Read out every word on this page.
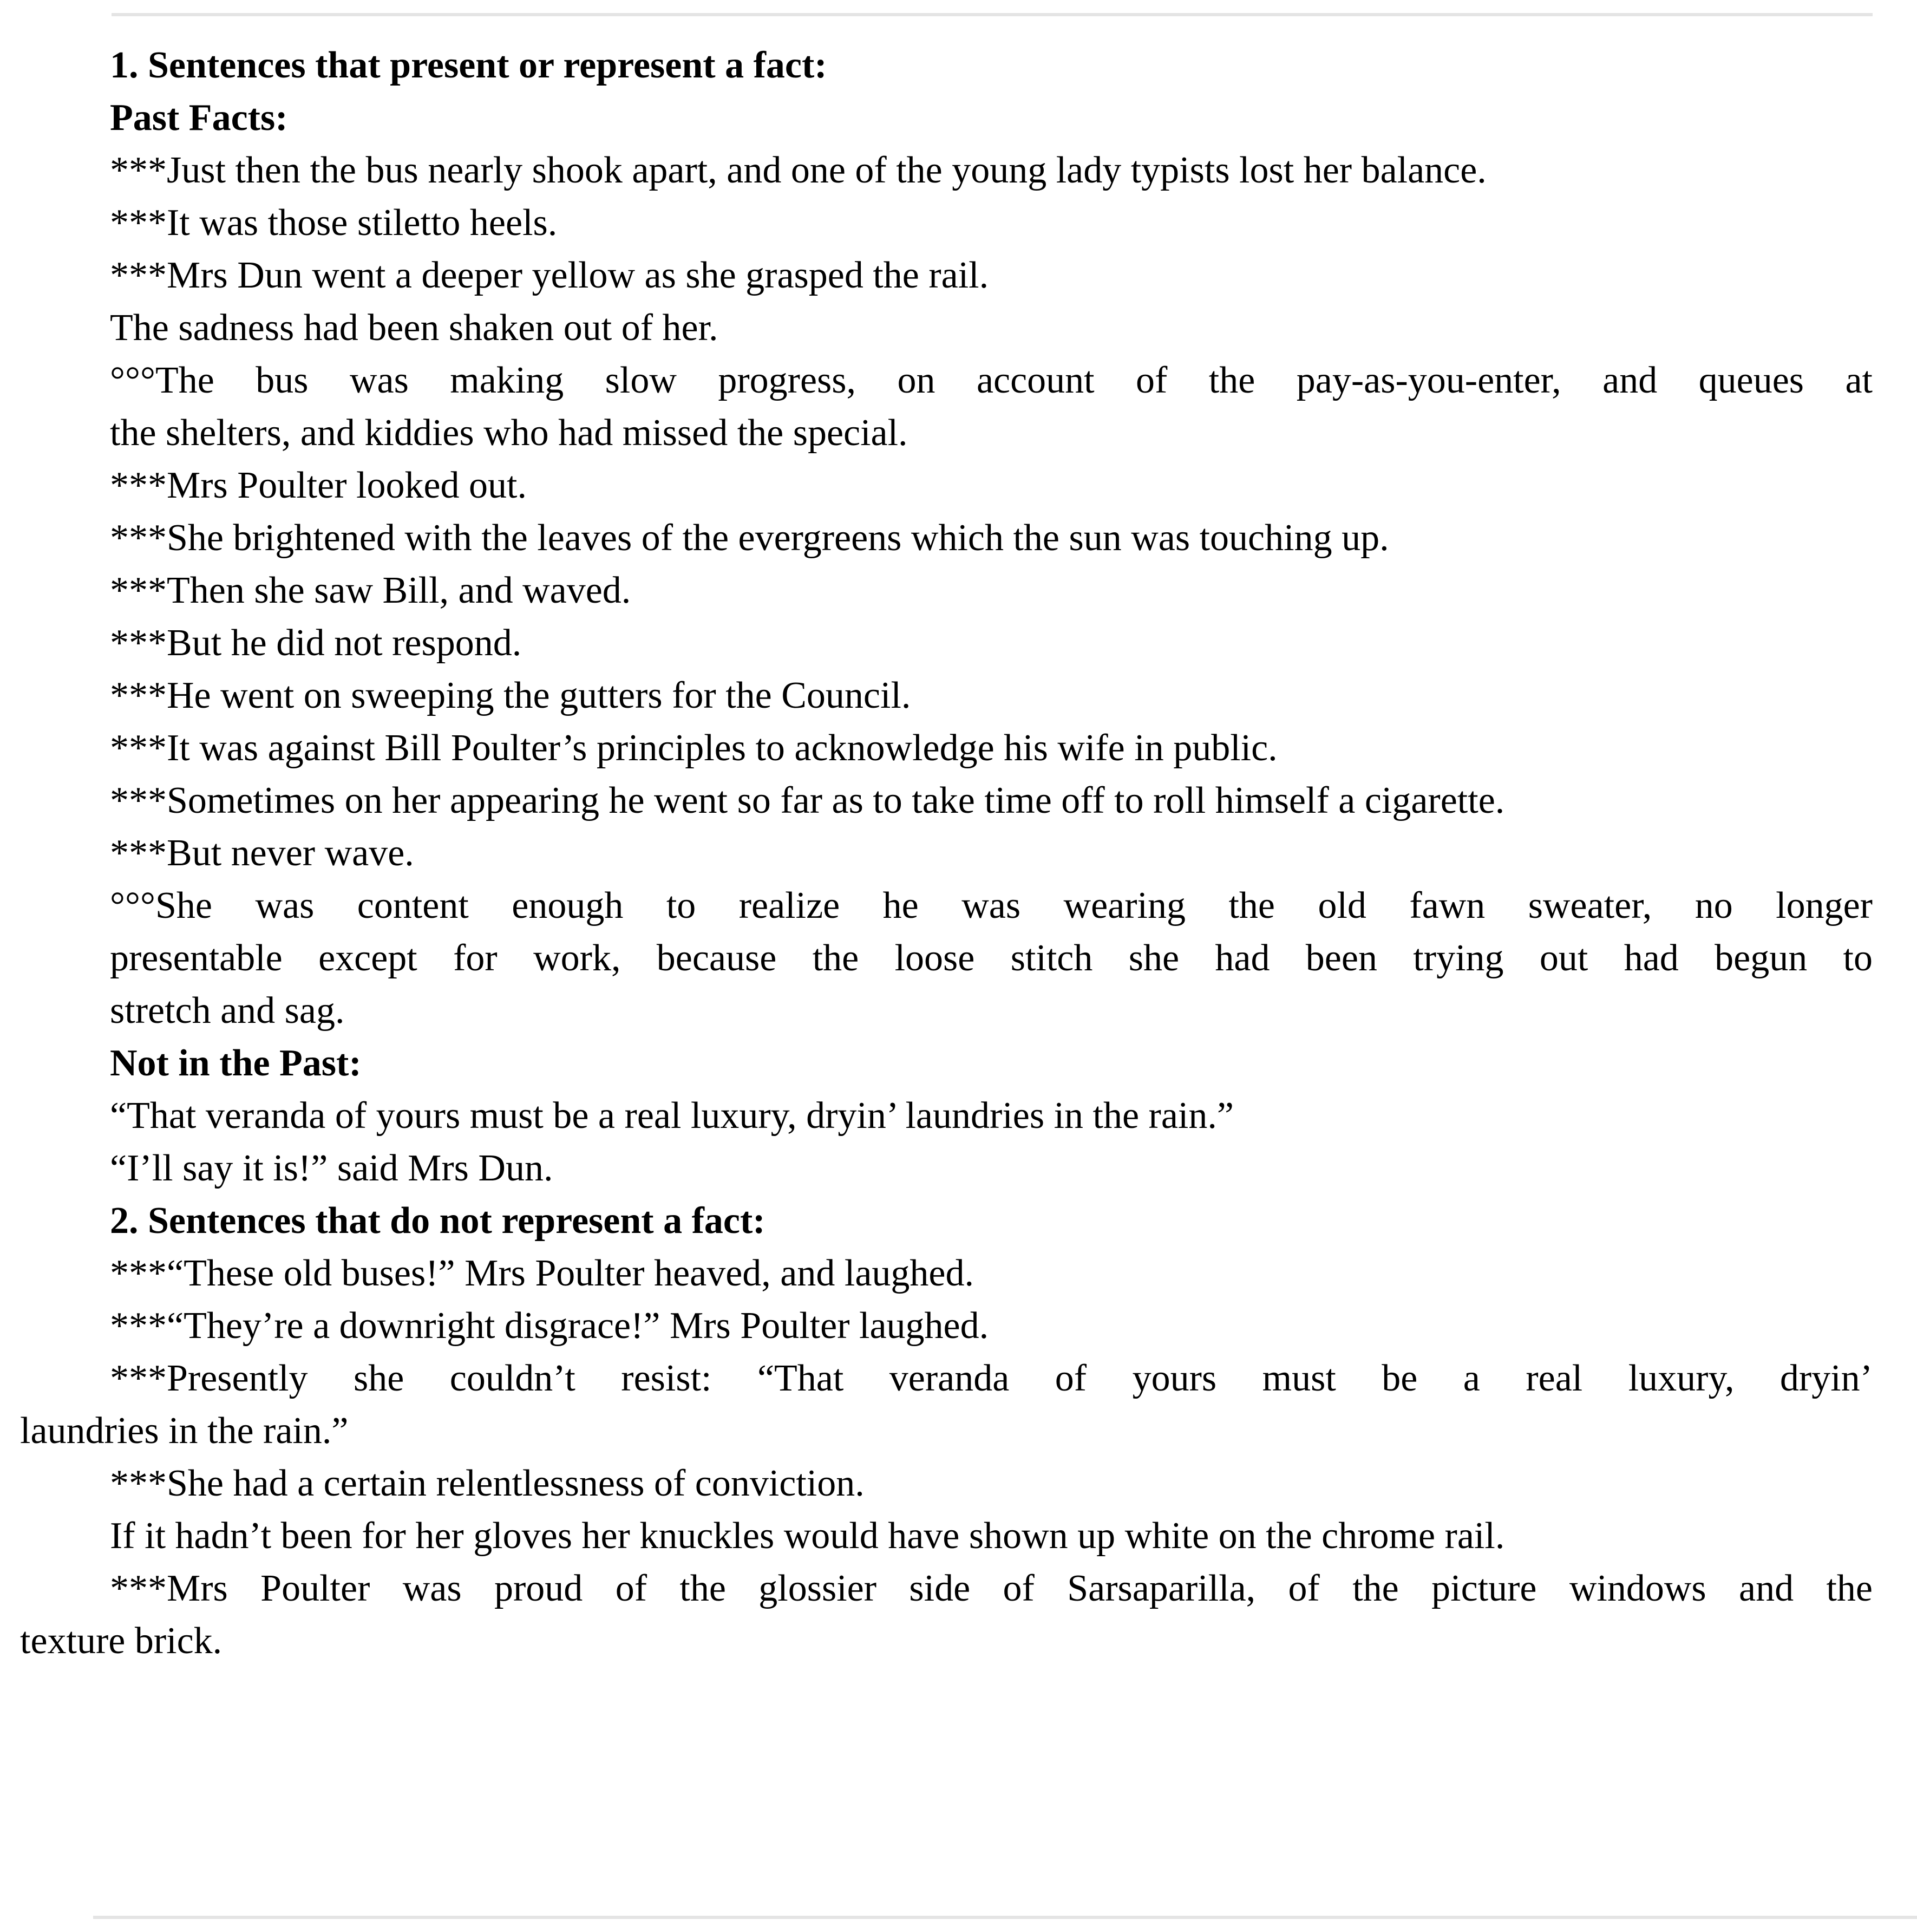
1. Sentences that present or represent a fact:
Past Facts:
***Just then the bus nearly shook apart, and one of the young lady typists lost her balance.
***It was those stiletto heels.
***Mrs Dun went a deeper yellow as she grasped the rail.
The sadness had been shaken out of her.
°°°The bus was making slow progress, on account of the pay-as-you-enter, and queues at
the shelters, and kiddies who had missed the special.
***Mrs Poulter looked out.
***She brightened with the leaves of the evergreens which the sun was touching up.
***Then she saw Bill, and waved.
***But he did not respond.
***He went on sweeping the gutters for the Council.
***It was against Bill Poulter’s principles to acknowledge his wife in public.
***Sometimes on her appearing he went so far as to take time off to roll himself a cigarette.
***But never wave.
°°°She was content enough to realize he was wearing the old fawn sweater, no longer
presentable except for work, because the loose stitch she had been trying out had begun to
stretch and sag.
Not in the Past:
“That veranda of yours must be a real luxury, dryin’ laundries in the rain.”
“I’ll say it is!” said Mrs Dun.
2. Sentences that do not represent a fact:
***“These old buses!” Mrs Poulter heaved, and laughed.
***“They’re a downright disgrace!” Mrs Poulter laughed.
***Presently she couldn’t resist: “That veranda of yours must be a real luxury, dryin’
laundries in the rain.”
***She had a certain relentlessness of conviction.
If it hadn’t been for her gloves her knuckles would have shown up white on the chrome rail.
***Mrs Poulter was proud of the glossier side of Sarsaparilla, of the picture windows and the
texture brick.
